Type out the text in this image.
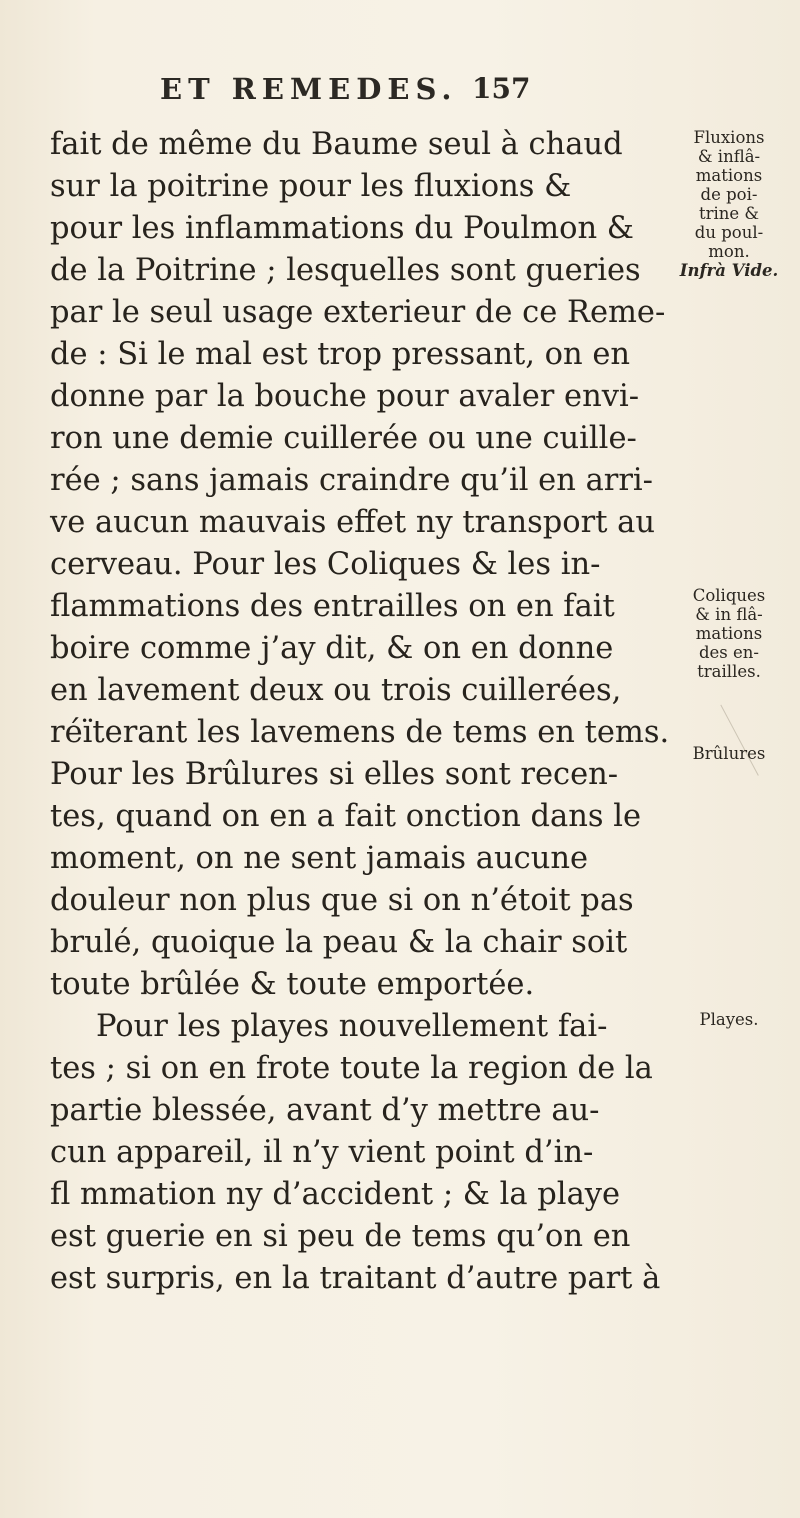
ET REMEDES. 157
fait de même du Baume seul à chaud
sur la poitrine pour les fluxions &
pour les inflammations du Poulmon &
de la Poitrine ; lesquelles sont gueries
par le seul usage exterieur de ce Reme-
de : Si le mal est trop pressant, on en
donne par la bouche pour avaler envi-
ron une demie cuillerée ou une cuille-
rée ; sans jamais craindre qu’il en arri-
ve aucun mauvais effet ny transport au
cerveau. Pour les Coliques & les in-
flammations des entrailles on en fait
boire comme j’ay dit, & on en donne
en lavement deux ou trois cuillerées,
réïterant les lavemens de tems en tems.
Pour les Brûlures si elles sont recen-
tes, quand on en a fait onction dans le
moment, on ne sent jamais aucune
douleur non plus que si on n’étoit pas
brulé, quoique la peau & la chair soit
toute brûlée & toute emportée.
Pour les playes nouvellement fai-
tes ; si on en frote toute la region de la
partie blessée, avant d’y mettre au-
cun appareil, il n’y vient point d’in-
fl mmation ny d’accident ; & la playe
est guerie en si peu de tems qu’on en
est surpris, en la traitant d’autre part à
Fluxions
& inflâ-
mations
de poi-
trine &
du poul-
mon.
Infrà Vide.
Coliques
& in flâ-
mations
des en-
trailles.
Brûlures
Playes.
